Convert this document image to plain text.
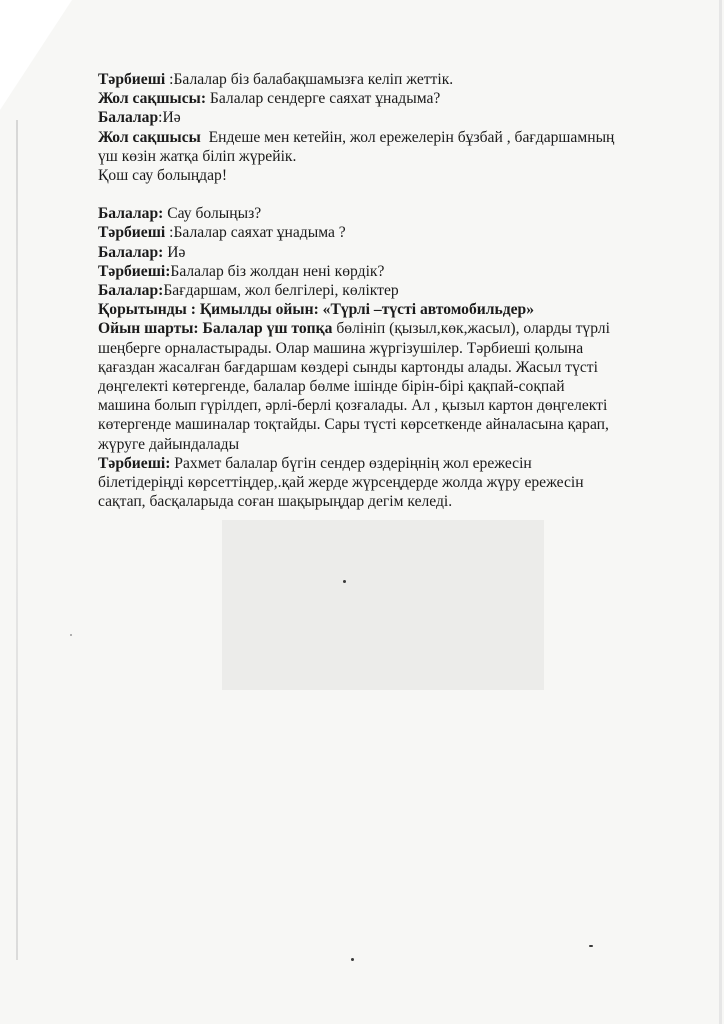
Тәрбиеші :Балалар біз балабақшамызға келіп жеттік.
Жол сақшысы: Балалар сендерге саяхат ұнадыма?
Балалар:Иә
Жол сақшысы Ендеше мен кетейін, жол ережелерін бұзбай , бағдаршамның
үш көзін жатқа біліп жүрейік.
Қош сау болыңдар!
Балалар: Сау болыңыз?
Тәрбиеші :Балалар саяхат ұнадыма ?
Балалар: Иә
Тәрбиеші:Балалар біз жолдан нені көрдік?
Балалар:Бағдаршам, жол белгілері, көліктер
Қорытынды : Қимылды ойын: «Түрлі –түсті автомобильдер»
Ойын шарты: Балалар үш топқа бөлініп (қызыл,көк,жасыл), оларды түрлі
шеңберге орналастырады. Олар машина жүргізушілер. Тәрбиеші қолына
қағаздан жасалған бағдаршам көздері сынды картонды алады. Жасыл түсті
дөңгелекті көтергенде, балалар бөлме ішінде бірін-бірі қақпай-соқпай
машина болып гүрілдеп, әрлі-берлі қозғалады. Ал , қызыл картон дөңгелекті
көтергенде машиналар тоқтайды. Сары түсті көрсеткенде айналасына қарап,
жүруге дайындалады
Тәрбиеші: Рахмет балалар бүгін сендер өздеріңнің жол ережесін
білетідеріңді көрсеттіңдер,.қай жерде жүрсеңдерде жолда жүру ережесін
сақтап, басқаларыда соған шақырыңдар дегім келеді.
